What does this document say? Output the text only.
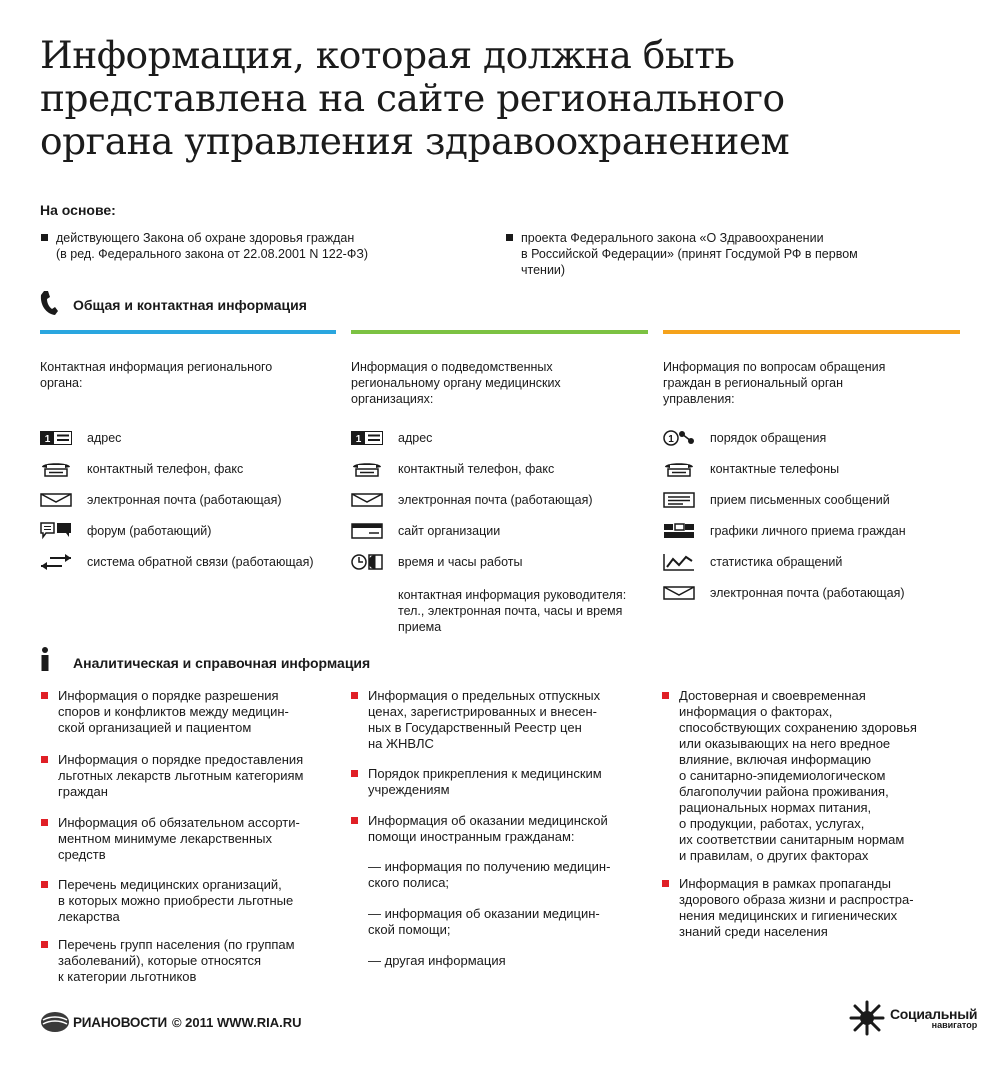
Информация, которая должна быть
представлена на сайте регионального
органа управления здравоохранением
На основе:
действующего Закона об охране здоровья граждан
(в ред. Федерального закона от 22.08.2001 N 122-ФЗ)
проекта Федерального закона «О Здравоохранении
в Российской Федерации» (принят Госдумой РФ в первом
чтении)
Общая и контактная информация
Контактная информация регионального
органа:
1	адрес
контактный телефон, факс
электронная почта (работающая)
форум (работающий)
система обратной связи (работающая)
Информация о подведомственных
региональному органу медицинских
организациях:
1	адрес
контактный телефон, факс
электронная почта (работающая)
сайт организации
время и часы работы
контактная информация руководителя:
тел., электронная почта, часы и время
приема
Информация по вопросам обращения
граждан в региональный орган
управления:
1	порядок обращения
контактные телефоны
прием письменных сообщений
графики личного приема граждан
статистика обращений
электронная почта (работающая)
Аналитическая и справочная информация
Информация о порядке разрешения
споров и конфликтов между медицин-
ской организацией и пациентом
Информация о порядке предоставления
льготных лекарств льготным категориям
граждан
Информация об обязательном ассорти-
ментном минимуме лекарственных
средств
Перечень медицинских организаций,
в которых можно приобрести льготные
лекарства
Перечень групп населения (по группам
заболеваний), которые относятся
к категории льготников
Информация о предельных отпускных
ценах, зарегистрированных и внесен-
ных в Государственный Реестр цен
на ЖНВЛС
Порядок прикрепления к медицинским
учреждениям
Информация об оказании медицинской
помощи иностранным гражданам:
— информация по получению медицин-
ского полиса;
— информация об оказании медицин-
ской помощи;
— другая информация
Достоверная и своевременная
информация о факторах,
способствующих сохранению здоровья
или оказывающих на него вредное
влияние, включая информацию
о санитарно-эпидемиологическом
благополучии района проживания,
рациональных нормах питания,
о продукции, работах, услугах,
их соответствии санитарным нормам
и правилам, о других факторах
Информация в рамках пропаганды
здорового образа жизни и распростра-
нения медицинских и гигиенических
знаний среди населения
РИАНОВОСТИ © 2011 WWW.RIA.RU	Социальный
навигатор
